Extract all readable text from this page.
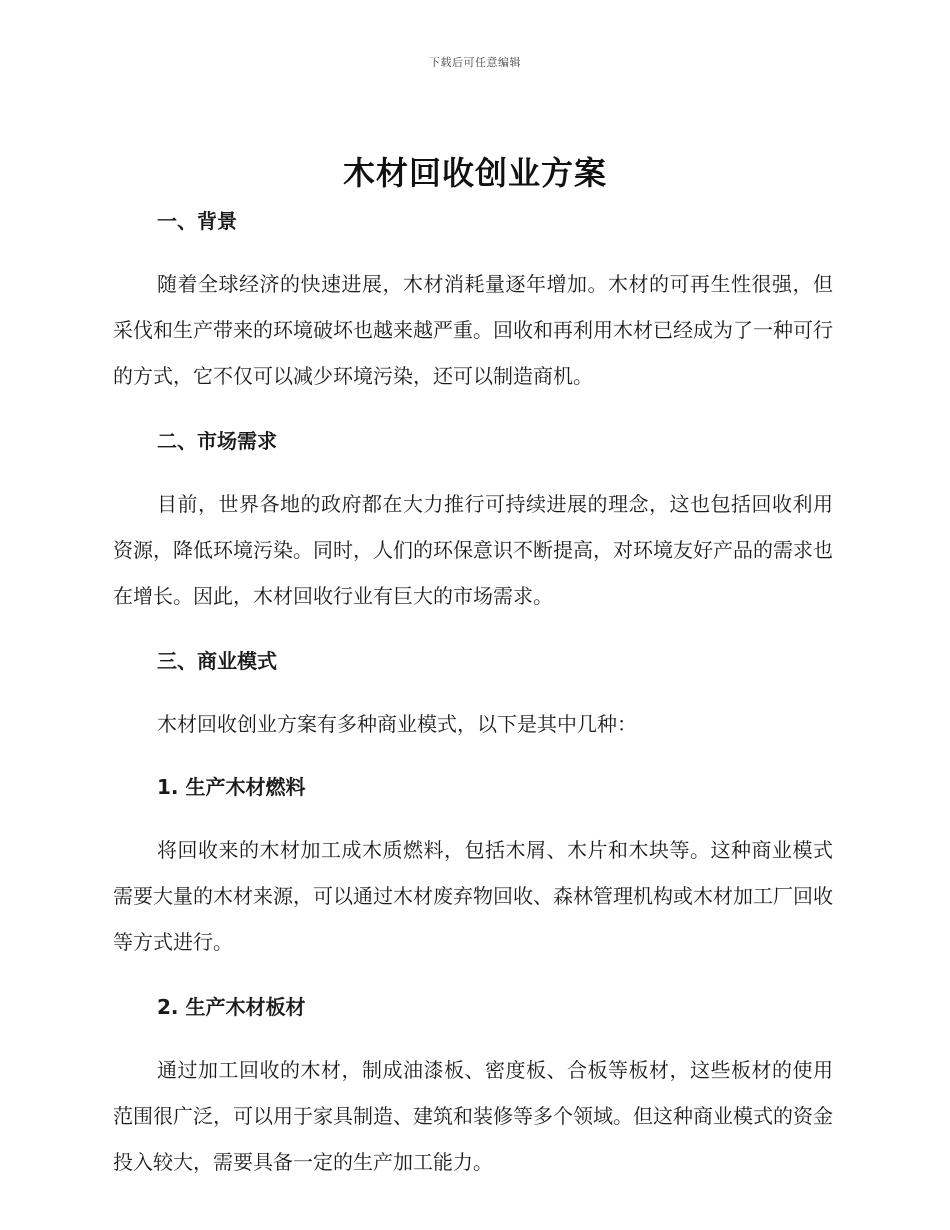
下载后可任意编辑
木材回收创业方案
一、背景

随着全球经济的快速进展，木材消耗量逐年增加。木材的可再生性很强，但采伐和生产带来的环境破坏也越来越严重。回收和再利用木材已经成为了一种可行的方式，它不仅可以减少环境污染，还可以制造商机。

二、市场需求

目前，世界各地的政府都在大力推行可持续进展的理念，这也包括回收利用资源，降低环境污染。同时，人们的环保意识不断提高，对环境友好产品的需求也在增长。因此，木材回收行业有巨大的市场需求。

三、商业模式

木材回收创业方案有多种商业模式，以下是其中几种：

1. 生产木材燃料

将回收来的木材加工成木质燃料，包括木屑、木片和木块等。这种商业模式需要大量的木材来源，可以通过木材废弃物回收、森林管理机构或木材加工厂回收等方式进行。

2. 生产木材板材

通过加工回收的木材，制成油漆板、密度板、合板等板材，这些板材的使用范围很广泛，可以用于家具制造、建筑和装修等多个领域。但这种商业模式的资金投入较大，需要具备一定的生产加工能力。
